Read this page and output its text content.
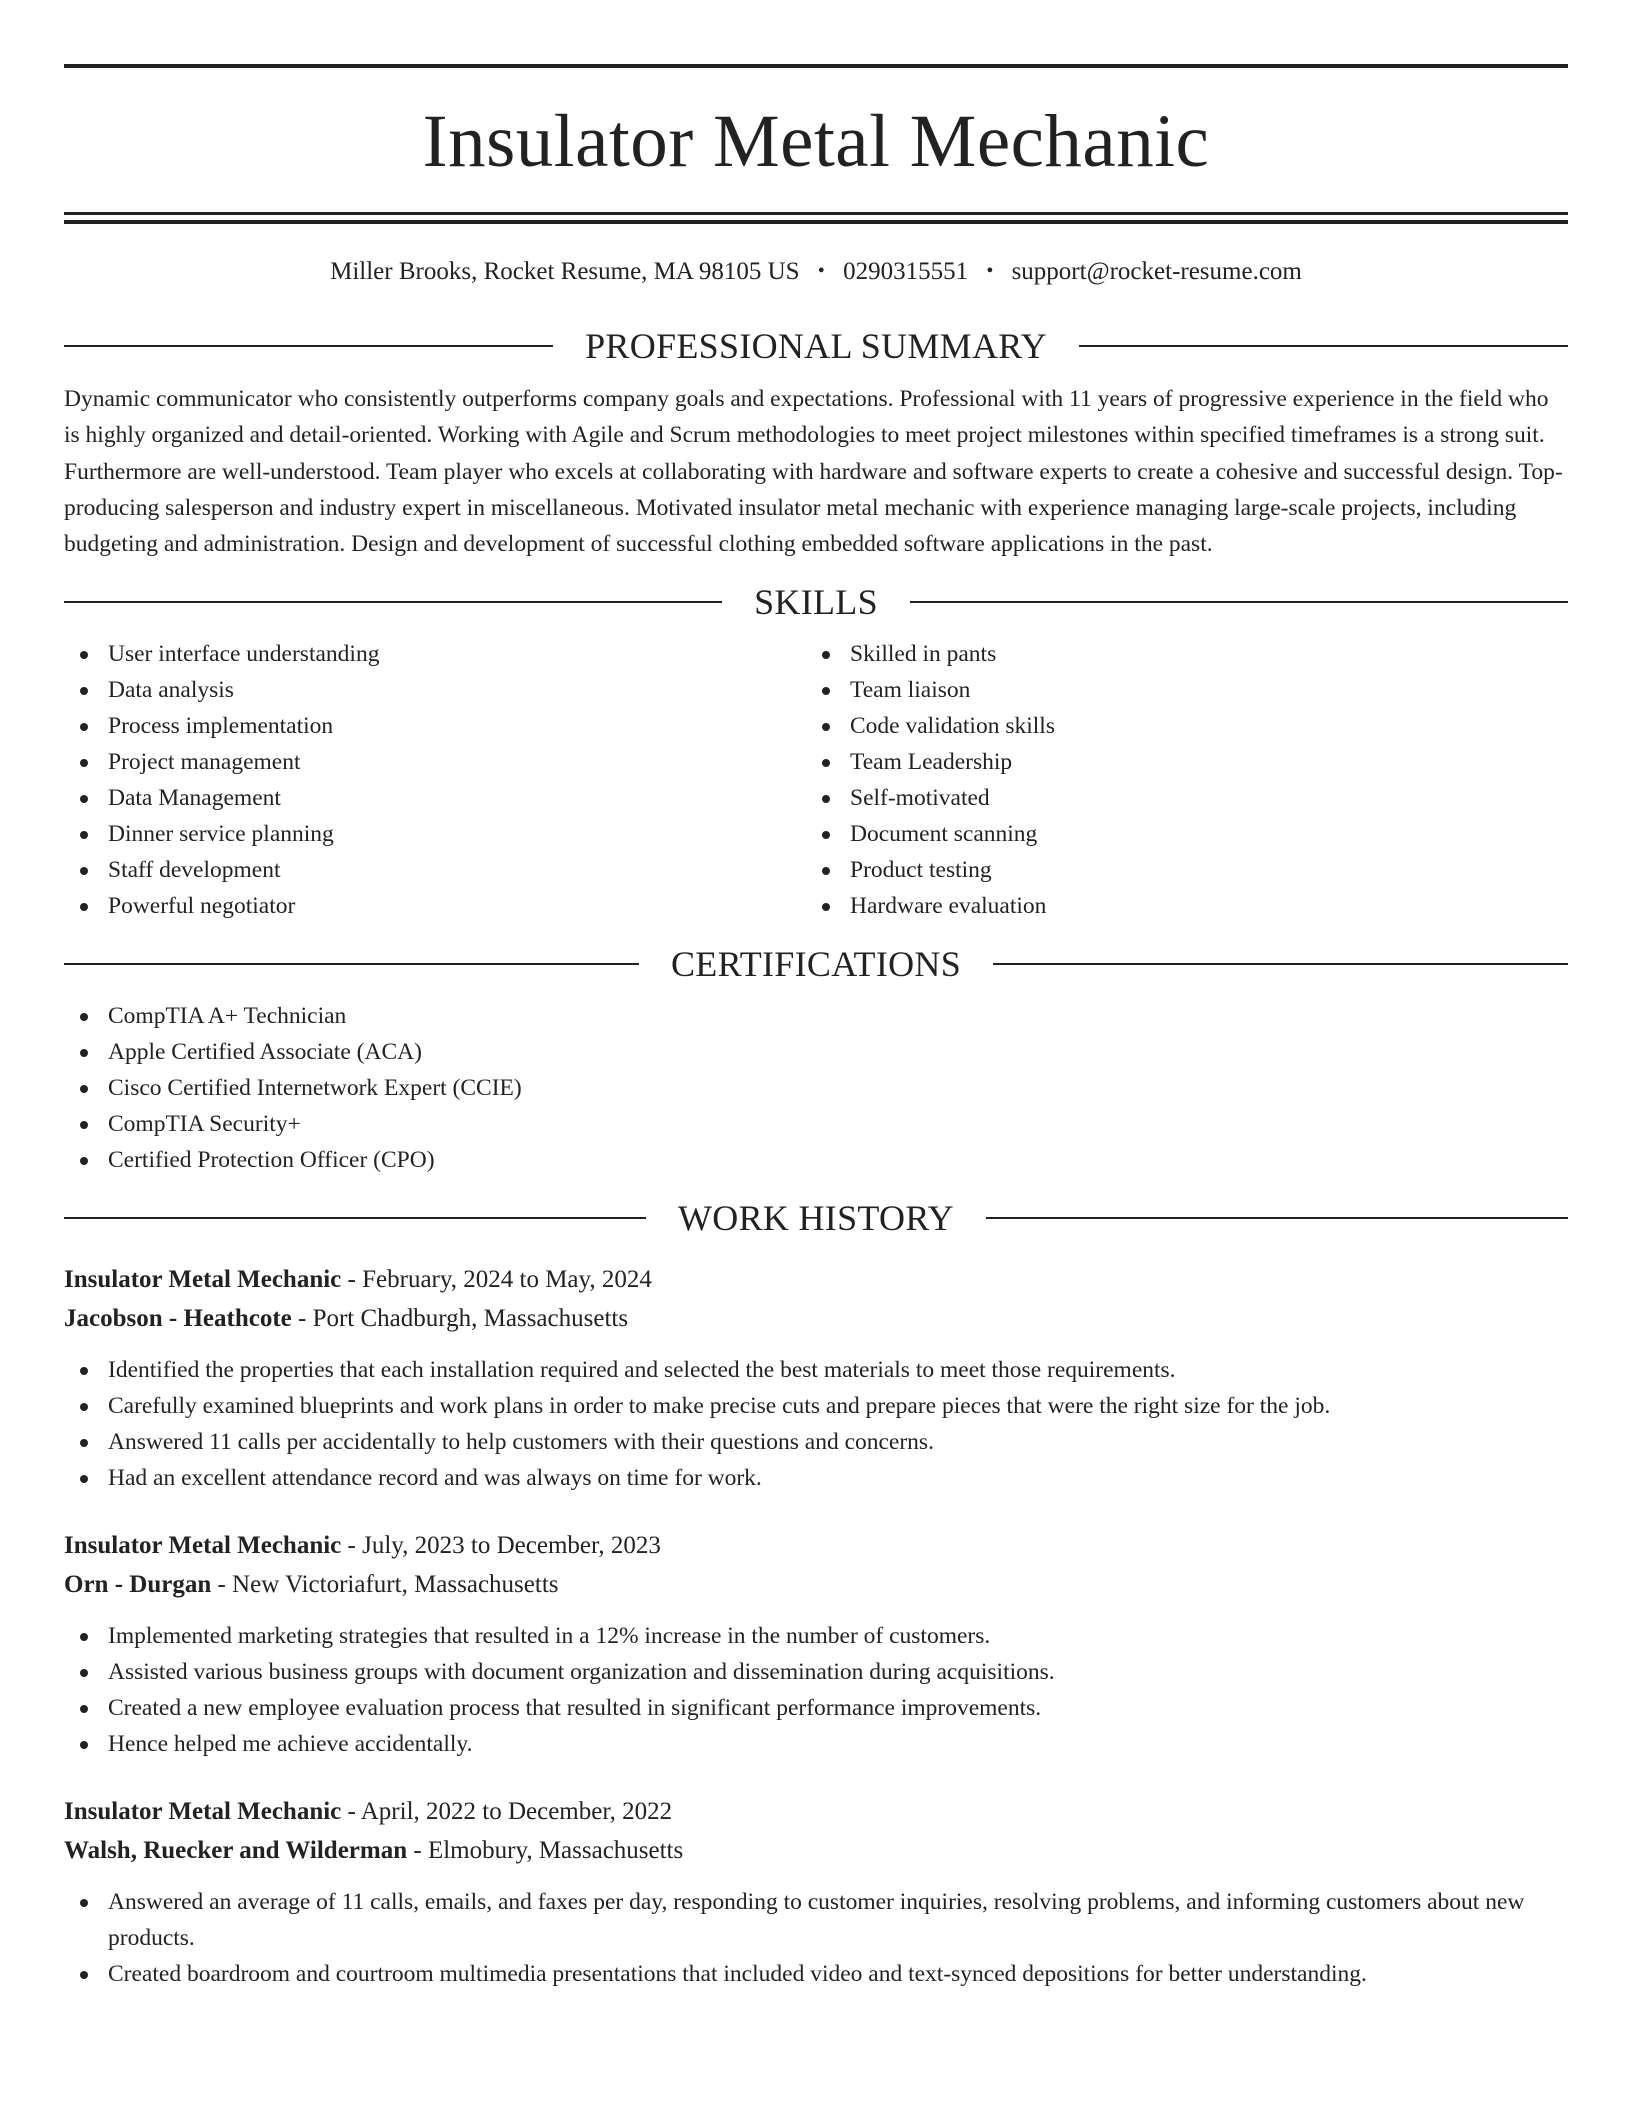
Insulator Metal Mechanic
Miller Brooks, Rocket Resume, MA 98105 US • 0290315551 • support@rocket-resume.com
PROFESSIONAL SUMMARY
Dynamic communicator who consistently outperforms company goals and expectations. Professional with 11 years of progressive experience in the field who is highly organized and detail-oriented. Working with Agile and Scrum methodologies to meet project milestones within specified timeframes is a strong suit. Furthermore are well-understood. Team player who excels at collaborating with hardware and software experts to create a cohesive and successful design. Top-producing salesperson and industry expert in miscellaneous. Motivated insulator metal mechanic with experience managing large-scale projects, including budgeting and administration. Design and development of successful clothing embedded software applications in the past.
SKILLS
User interface understanding
Data analysis
Process implementation
Project management
Data Management
Dinner service planning
Staff development
Powerful negotiator
Skilled in pants
Team liaison
Code validation skills
Team Leadership
Self-motivated
Document scanning
Product testing
Hardware evaluation
CERTIFICATIONS
CompTIA A+ Technician
Apple Certified Associate (ACA)
Cisco Certified Internetwork Expert (CCIE)
CompTIA Security+
Certified Protection Officer (CPO)
WORK HISTORY
Insulator Metal Mechanic - February, 2024 to May, 2024
Jacobson - Heathcote - Port Chadburgh, Massachusetts
Identified the properties that each installation required and selected the best materials to meet those requirements.
Carefully examined blueprints and work plans in order to make precise cuts and prepare pieces that were the right size for the job.
Answered 11 calls per accidentally to help customers with their questions and concerns.
Had an excellent attendance record and was always on time for work.
Insulator Metal Mechanic - July, 2023 to December, 2023
Orn - Durgan - New Victoriafurt, Massachusetts
Implemented marketing strategies that resulted in a 12% increase in the number of customers.
Assisted various business groups with document organization and dissemination during acquisitions.
Created a new employee evaluation process that resulted in significant performance improvements.
Hence helped me achieve accidentally.
Insulator Metal Mechanic - April, 2022 to December, 2022
Walsh, Ruecker and Wilderman - Elmobury, Massachusetts
Answered an average of 11 calls, emails, and faxes per day, responding to customer inquiries, resolving problems, and informing customers about new products.
Created boardroom and courtroom multimedia presentations that included video and text-synced depositions for better understanding.
